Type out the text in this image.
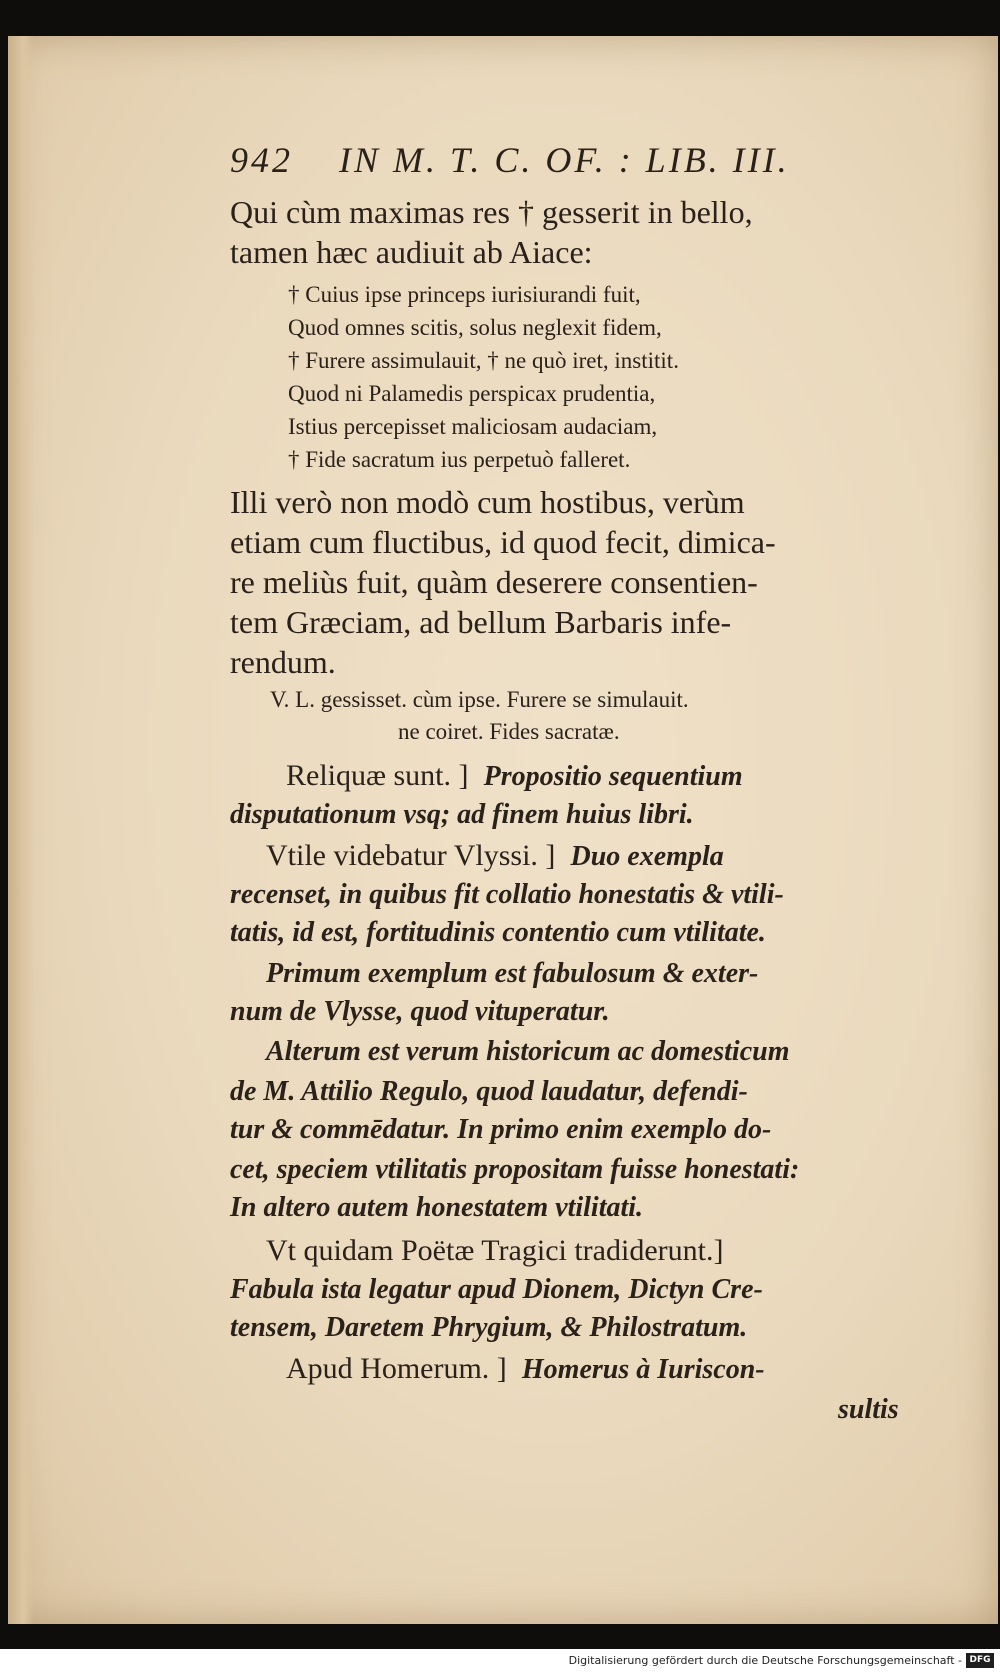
942 IN M. T. C. OF. : LIB. III.
Qui cùm maximas res † gesserit in bello,
tamen hæc audiuit ab Aiace:
† Cuius ipse princeps iurisiurandi fuit,
Quod omnes scitis, solus neglexit fidem,
† Furere assimulauit, † ne quò iret, institit.
Quod ni Palamedis perspicax prudentia,
Istius percepisset maliciosam audaciam,
† Fide sacratum ius perpetuò falleret.
Illi verò non modò cum hostibus, verùm
etiam cum fluctibus, id quod fecit, dimica-
re meliùs fuit, quàm deserere consentien-
tem Græciam, ad bellum Barbaris infe-
rendum.
V. L. gessisset. cùm ipse. Furere se simulauit.
ne coiret. Fides sacratæ.
Reliquæ sunt. ] Propositio sequentium
disputationum vsq; ad finem huius libri.
Vtile videbatur Vlyssi. ] Duo exempla
recenset, in quibus fit collatio honestatis & vtili-
tatis, id est, fortitudinis contentio cum vtilitate.
Primum exemplum est fabulosum & exter-
num de Vlysse, quod vituperatur.
Alterum est verum historicum ac domesticum
de M. Attilio Regulo, quod laudatur, defendi-
tur & commēdatur. In primo enim exemplo do-
cet, speciem vtilitatis propositam fuisse honestati:
In altero autem honestatem vtilitati.
Vt quidam Poëtæ Tragici tradiderunt.]
Fabula ista legatur apud Dionem, Dictyn Cre-
tensem, Daretem Phrygium, & Philostratum.
Apud Homerum. ] Homerus à Iuriscon-
sultis
Digitalisierung gefördert durch die Deutsche Forschungsgemeinschaft - DFG
